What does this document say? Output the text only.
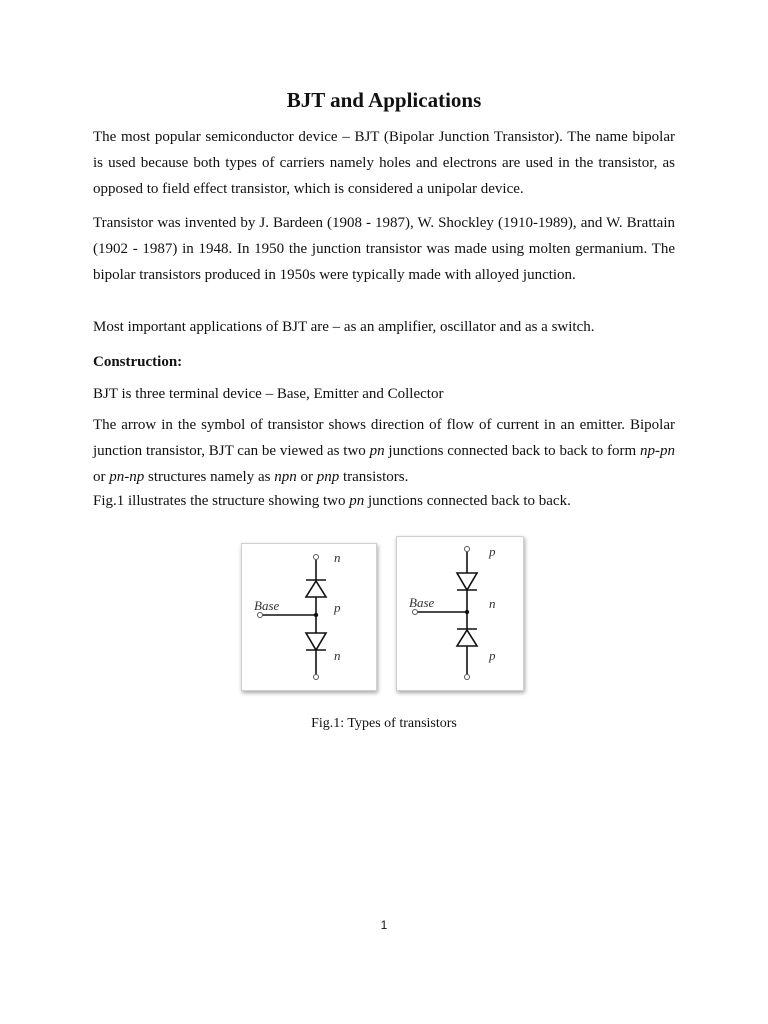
BJT and Applications

The most popular semiconductor device – BJT (Bipolar Junction Transistor). The name bipolar is used because both types of carriers namely holes and electrons are used in the transistor, as opposed to field effect transistor, which is considered a unipolar device.

Transistor was invented by J. Bardeen (1908 - 1987), W. Shockley (1910-1989), and W. Brattain (1902 - 1987) in 1948. In 1950 the junction transistor was made using molten germanium. The bipolar transistors produced in 1950s were typically made with alloyed junction.

Most important applications of BJT are – as an amplifier, oscillator and as a switch.

Construction:

BJT is three terminal device – Base, Emitter and Collector

The arrow in the symbol of transistor shows direction of flow of current in an emitter. Bipolar junction transistor, BJT can be viewed as two pn junctions connected back to back to form np-pn or pn-np structures namely as npn or pnp transistors.

Fig.1 illustrates the structure showing two pn junctions connected back to back.

n
Base	p
n
p
Base	n
p

Fig.1: Types of transistors

1
